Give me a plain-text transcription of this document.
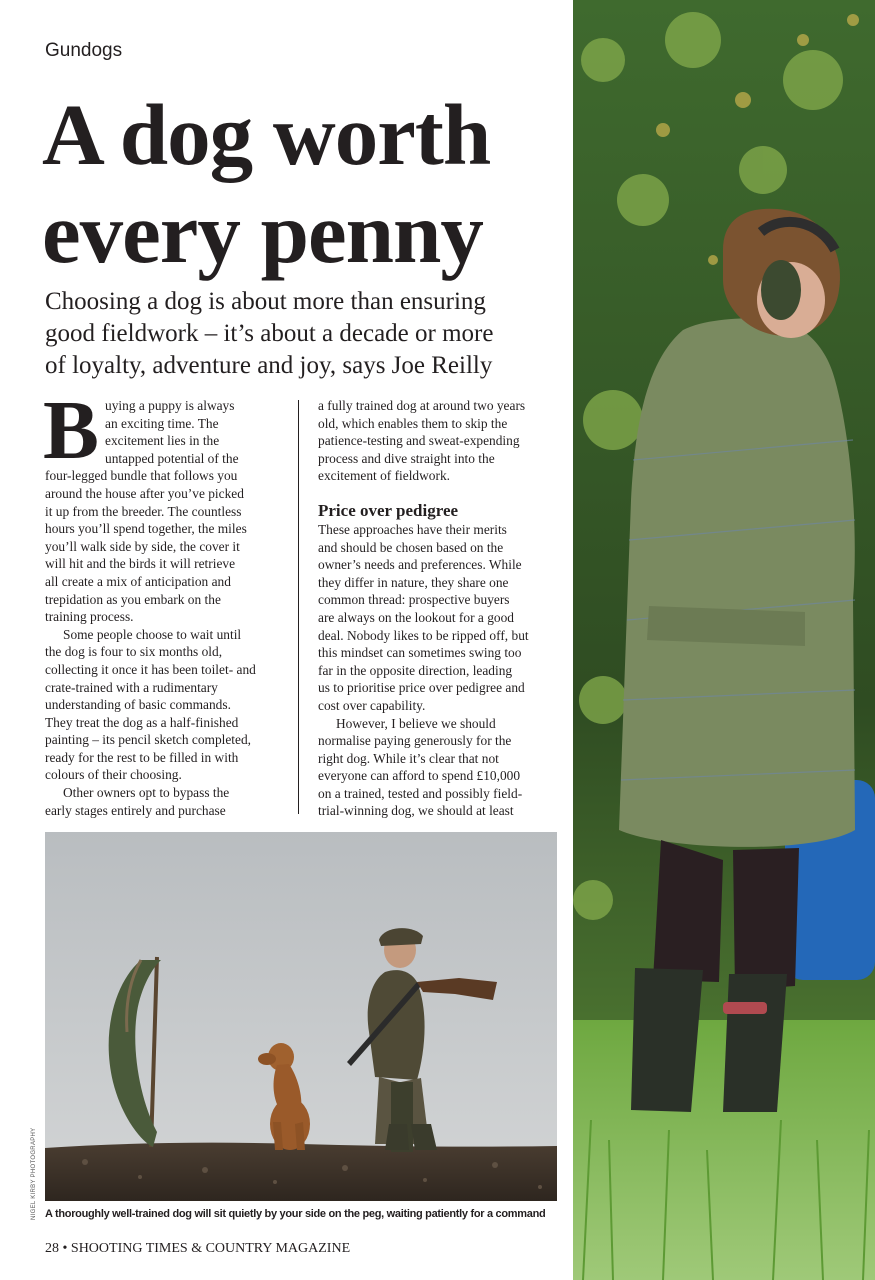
Gundogs
A dog worth
every penny

Choosing a dog is about more than ensuring
good fieldwork – it’s about a decade or more
of loyalty, adventure and joy, says Joe Reilly

B uying a puppy is always
an exciting time. The
excitement lies in the
untapped potential of the
four-legged bundle that follows you
around the house after you’ve picked
it up from the breeder. The countless
hours you’ll spend together, the miles
you’ll walk side by side, the cover it
will hit and the birds it will retrieve
all create a mix of anticipation and
trepidation as you embark on the
training process.
Some people choose to wait until
the dog is four to six months old,
collecting it once it has been toilet- and
crate-trained with a rudimentary
understanding of basic commands.
They treat the dog as a half-finished
painting – its pencil sketch completed,
ready for the rest to be filled in with
colours of their choosing.
Other owners opt to bypass the
early stages entirely and purchase
a fully trained dog at around two years
old, which enables them to skip the
patience-testing and sweat-expending
process and dive straight into the
excitement of fieldwork.
Price over pedigree
These approaches have their merits
and should be chosen based on the
owner’s needs and preferences. While
they differ in nature, they share one
common thread: prospective buyers
are always on the lookout for a good
deal. Nobody likes to be ripped off, but
this mindset can sometimes swing too
far in the opposite direction, leading
us to prioritise price over pedigree and
cost over capability.
However, I believe we should
normalise paying generously for the
right dog. While it’s clear that not
everyone can afford to spend £10,000
on a trained, tested and possibly field-
trial-winning dog, we should at least
NIGEL KIRBY PHOTOGRAPHY A thoroughly well-trained dog will sit quietly by your side on the peg, waiting patiently for a command
28 • SHOOTING TIMES & COUNTRY MAGAZINE
